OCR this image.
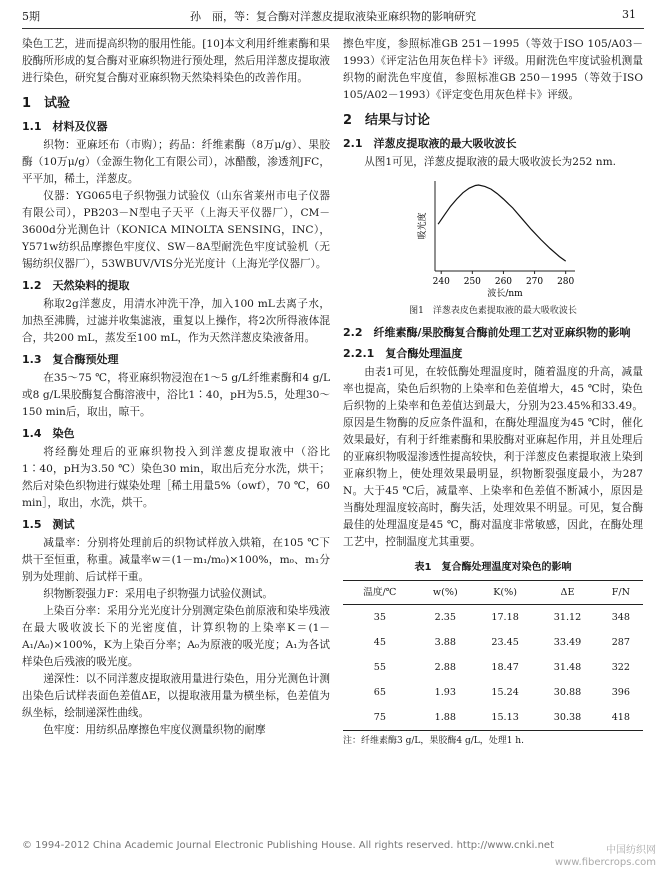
5期	孙　丽，等：复合酶对洋葱皮提取液染亚麻织物的影响研究	31

染色工艺，进而提高织物的服用性能。[10]本文利用纤维素酶和果胶酶所形成的复合酶对亚麻织物进行预处理，然后用洋葱皮提取液进行染色，研究复合酶对亚麻织物天然染料染色的改善作用。

1　试验
1.1　材料及仪器

织物：亚麻坯布（市购）；药品：纤维素酶（8万μ/g）、果胶酶（10万μ/g）（金源生物化工有限公司），冰醋酸，渗透剂JFC，平平加，稀土，洋葱皮。

仪器：YG065电子织物强力试验仪（山东省莱州市电子仪器有限公司），PB203－N型电子天平（上海天平仪器厂），CM－3600d分光测色计（KONICA MINOLTA SENSING，INC），Y571w纺织品摩擦色牢度仪、SW－8A型耐洗色牢度试验机（无锡纺织仪器厂），53WBUV/VIS分光光度计（上海光学仪器厂）。

1.2　天然染料的提取

称取2g洋葱皮，用清水冲洗干净，加入100 mL去离子水，加热至沸腾，过滤并收集滤液，重复以上操作，将2次所得液体混合，共200 mL，蒸发至100 mL，作为天然洋葱皮染液备用。

1.3　复合酶预处理

在35～75 ℃，将亚麻织物浸泡在1～5 g/L纤维素酶和4 g/L或8 g/L果胶酶复合酶溶液中，浴比1∶40，pH为5.5，处理30～150 min后，取出，晾干。

1.4　染色

将经酶处理后的亚麻织物投入到洋葱皮提取液中（浴比1∶40，pH为3.50 ℃）染色30 min，取出后充分水洗，烘干；然后对染色织物进行媒染处理［稀土用量5%（owf），70 ℃，60 min］，取出，水洗，烘干。

1.5　测试

减量率：分别将处理前后的织物试样放入烘箱，在105 ℃下烘干至恒重，称重。减量率w＝(1－m₁/m₀)×100%，m₀、m₁分别为处理前、后试样干重。

织物断裂强力F：采用电子织物强力试验仪测试。

上染百分率：采用分光光度计分别测定染色前原液和染毕残液在最大吸收波长下的光密度值，计算织物的上染率K＝(1－A₁/A₀)×100%，K为上染百分率；A₀为原液的吸光度；A₁为各试样染色后残液的吸光度。

递深性：以不同洋葱皮提取液用量进行染色，用分光测色计测出染色后试样表面色差值ΔE，以提取液用量为横坐标，色差值为纵坐标，绘制递深性曲线。

色牢度：用纺织品摩擦色牢度仪测量织物的耐摩

擦色牢度，参照标准GB 251－1995（等效于ISO 105/A03－1993）《评定沾色用灰色样卡》评级。用耐洗色牢度试验机测量织物的耐洗色牢度值，参照标准GB 250－1995（等效于ISO 105/A02－1993）《评定变色用灰色样卡》评级。

2　结果与讨论
2.1　洋葱皮提取液的最大吸收波长

从图1可见，洋葱皮提取液的最大吸收波长为252 nm.

240 250 260 270 280
吸光度
波长/nm
图1　洋葱表皮色素提取液的最大吸收波长
2.2　纤维素酶/果胶酶复合酶前处理工艺对亚麻织物的影响
2.2.1　复合酶处理温度

由表1可见，在较低酶处理温度时，随着温度的升高，减量率也提高，染色后织物的上染率和色差值增大，45 ℃时，染色后织物的上染率和色差值达到最大，分别为23.45%和33.49。原因是生物酶的反应条件温和，在酶处理温度为45 ℃时，催化效果最好，有利于纤维素酶和果胶酶对亚麻起作用，并且处理后的亚麻织物吸湿渗透性提高较快，利于洋葱皮色素提取液上染到亚麻织物上，使处理效果最明显，织物断裂强度最小，为287 N。大于45 ℃后，减量率、上染率和色差值不断减小，原因是当酶处理温度较高时，酶失活，处理效果不明显。可见，复合酶最佳的处理温度是45 ℃，酶对温度非常敏感，因此，在酶处理工艺中，控制温度尤其重要。

表1　复合酶处理温度对染色的影响
温度/℃	w(%)	K(%)	ΔE	F/N
35	2.35	17.18	31.12	348
45	3.88	23.45	33.49	287
55	2.88	18.47	31.48	322
65	1.93	15.24	30.88	396
75	1.88	15.13	30.38	418
注：纤维素酶3 g/L，果胶酶4 g/L，处理1 h.
© 1994-2012 China Academic Journal Electronic Publishing House. All rights reserved. http://www.cnki.net	中国纺织网
www.fibercrops.com
